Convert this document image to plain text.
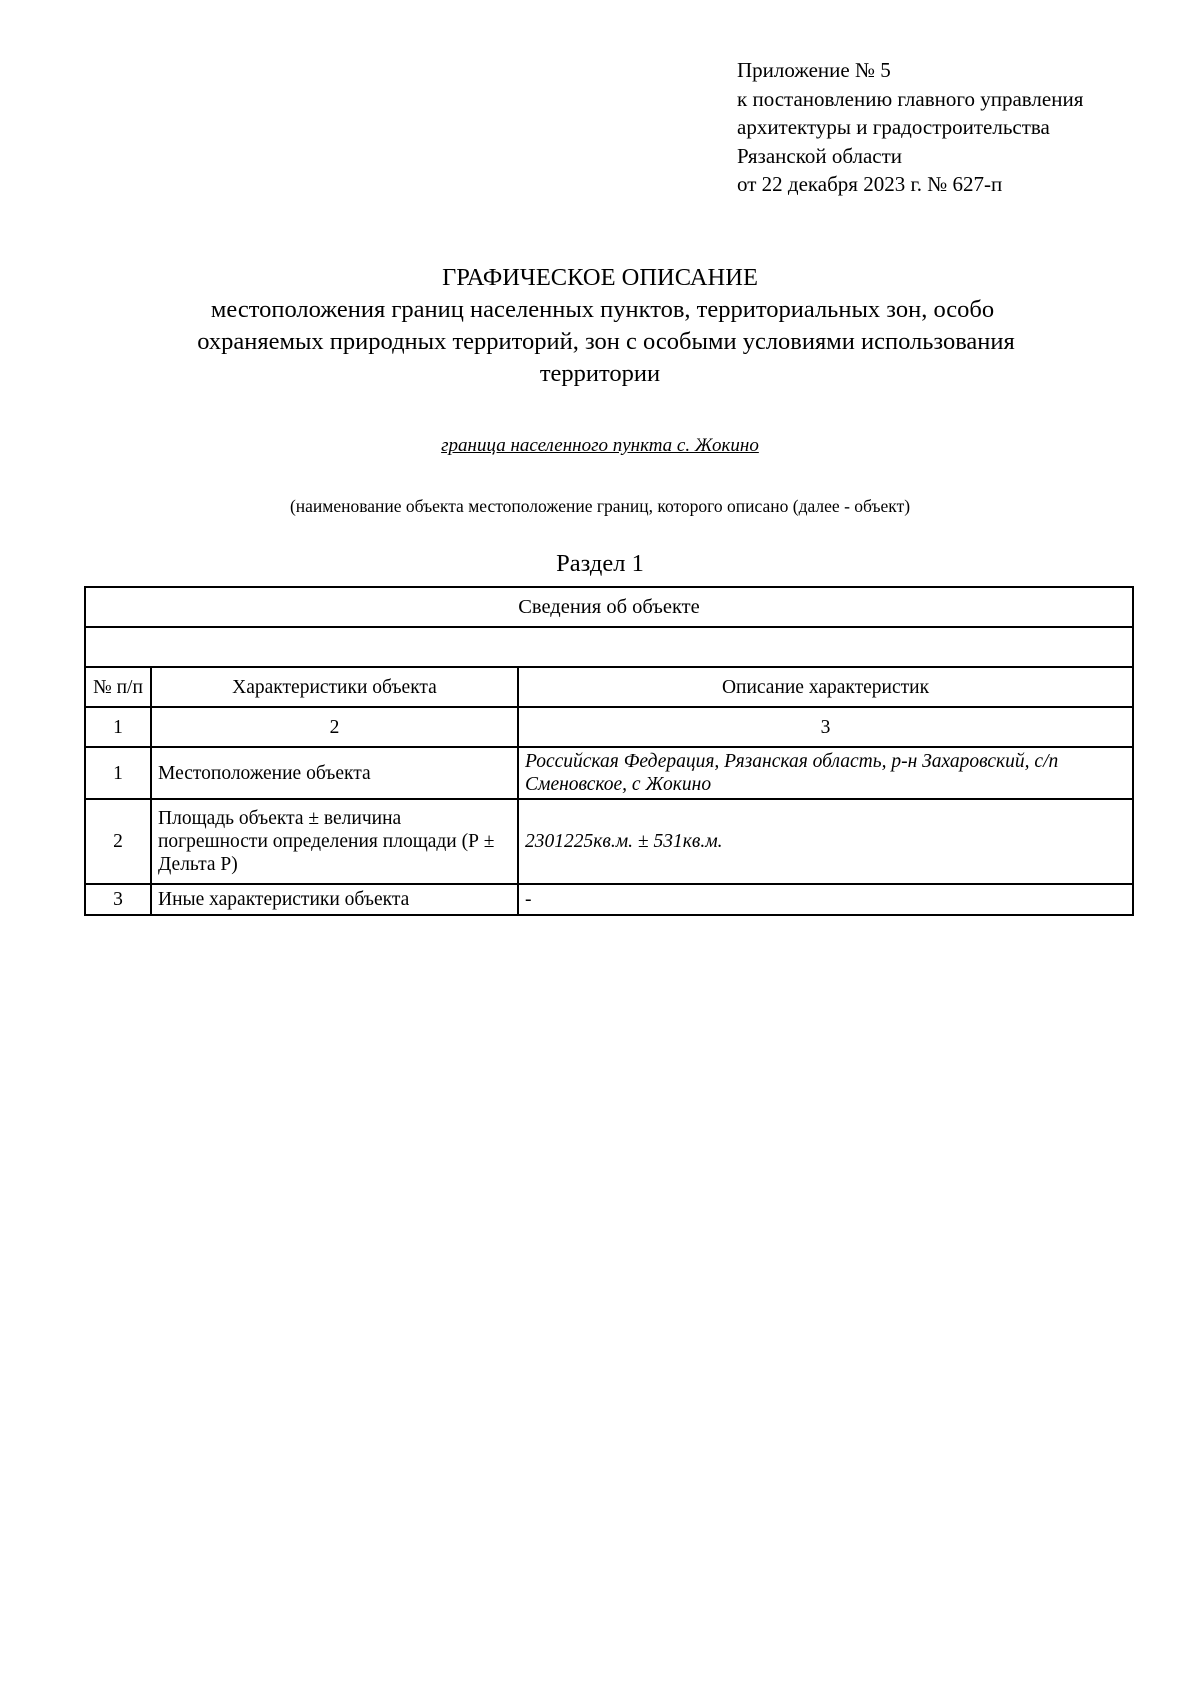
Приложение № 5
к постановлению главного управления
архитектуры и градостроительства
Рязанской области
от 22 декабря 2023 г. № 627-п
ГРАФИЧЕСКОЕ ОПИСАНИЕ
местоположения границ населенных пунктов, территориальных зон, особо
охраняемых природных территорий, зон с особыми условиями использования
территории
граница населенного пункта с. Жокино
(наименование объекта местоположение границ, которого описано (далее - объект)
Раздел 1
Сведения об объекте		

№ п/п	Характеристики объекта	Описание характеристик
1	2	3
1	Местоположение объекта	Российская Федерация, Рязанская область, р-н Захаровский, с/п Сменовское, с Жокино
2	Площадь объекта ± величина погрешности определения площади (Р ± Дельта Р)	2301225кв.м. ± 531кв.м.
3	Иные характеристики объекта	-
